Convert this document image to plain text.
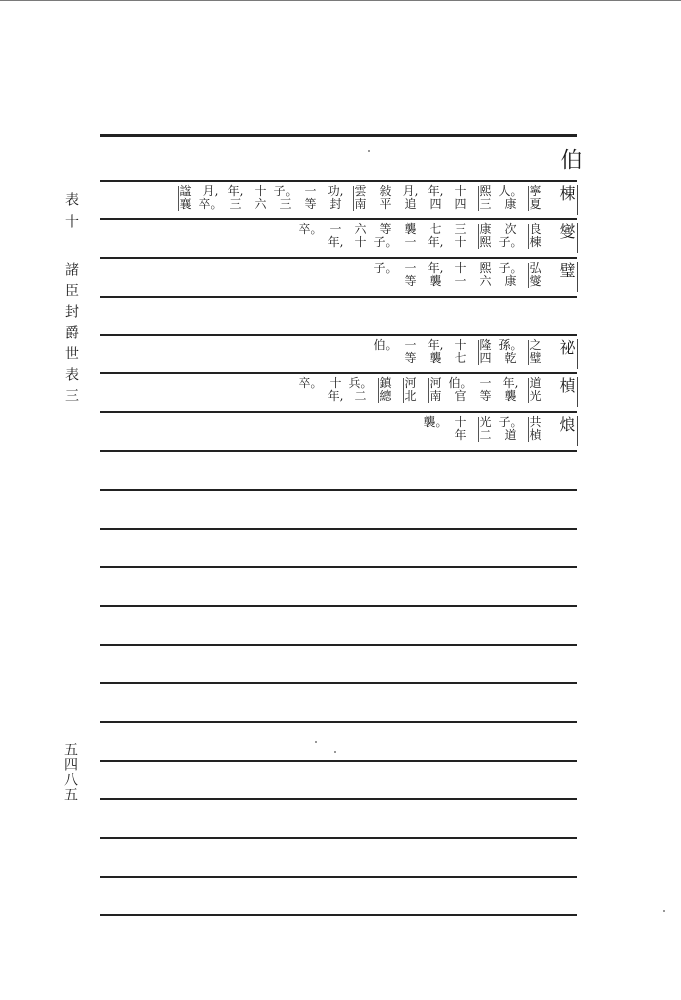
伯
表十
諸臣封爵世表三
五四八五
棟
寧
夏
人。
康
熙
三
十
四
年,
四
月,
追
敍
平
雲
南
功,
封
一
等
子。
三
十
六
年,
三
月,
卒。
諡
襄
燮
良
棟
次
子。
康
熙
三
十
七
年,
襲
一
等
子。
六
十
一
年,
卒。
璧
弘
燮
子。
康
熙
六
十
一
年,
襲
一
等
子。
祕
之
璧
孫。
乾
隆
四
十
七
年,
襲
一
等
伯。
楨
道
光
年,
襲
一
等
伯。
官
河
南
河
北
鎮
總
兵。
二
十
年,
卒。
烺
共
楨
子。
道
光
二
十
年
襲。
